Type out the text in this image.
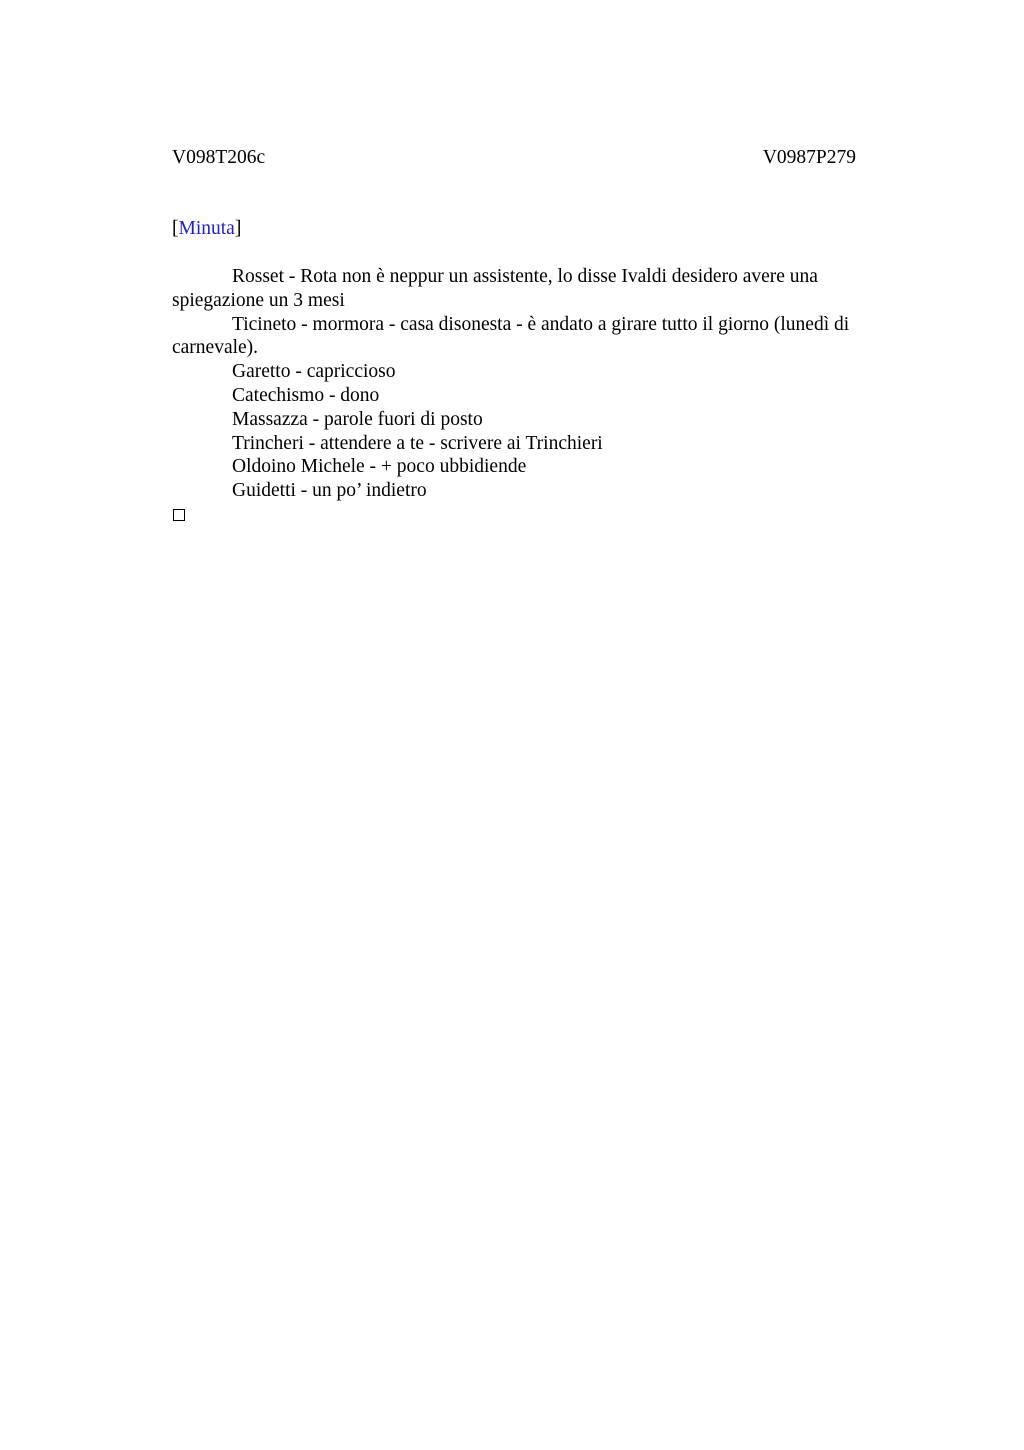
V098T206c	V0987P279
[Minuta]

Rosset - Rota non è neppur un assistente, lo disse Ivaldi desidero avere una spiegazione un 3 mesi

Ticineto - mormora - casa disonesta - è andato a girare tutto il giorno (lunedì di carnevale).

Garetto - capriccioso

Catechismo - dono

Massazza - parole fuori di posto

Trincheri - attendere a te - scrivere ai Trinchieri

Oldoino Michele - + poco ubbidiende

Guidetti - un po’ indietro
